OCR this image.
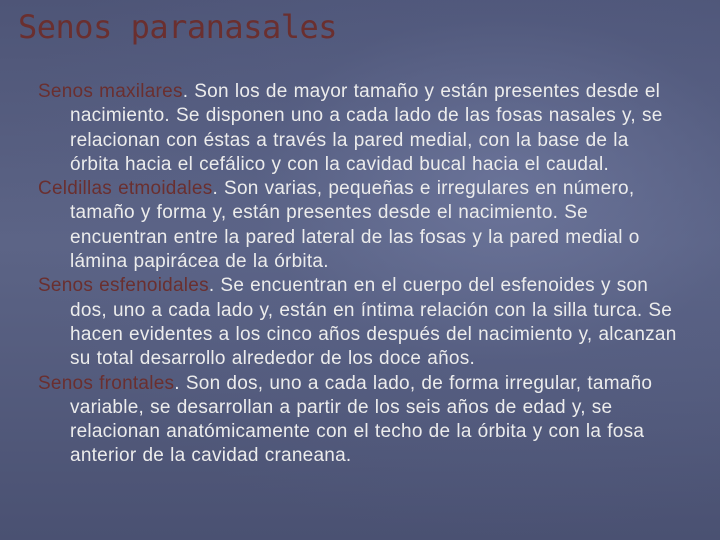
Senos paranasales

Senos maxilares. Son los de mayor tamaño y están presentes desde el nacimiento. Se disponen uno a cada lado de las fosas nasales y, se relacionan con éstas a través la pared medial, con la base de la órbita hacia el cefálico y con la cavidad bucal hacia el caudal.

Celdillas etmoidales. Son varias, pequeñas e irregulares en número, tamaño y forma y, están presentes desde el nacimiento. Se encuentran entre la pared lateral de las fosas y la pared medial o lámina papirácea de la órbita.

Senos esfenoidales. Se encuentran en el cuerpo del esfenoides y son dos, uno a cada lado y, están en íntima relación con la silla turca. Se hacen evidentes a los cinco años después del nacimiento y, alcanzan su total desarrollo alrededor de los doce años.

Senos frontales. Son dos, uno a cada lado, de forma irregular, tamaño variable, se desarrollan a partir de los seis años de edad y, se relacionan anatómicamente con el techo de la órbita y con la fosa anterior de la cavidad craneana.
